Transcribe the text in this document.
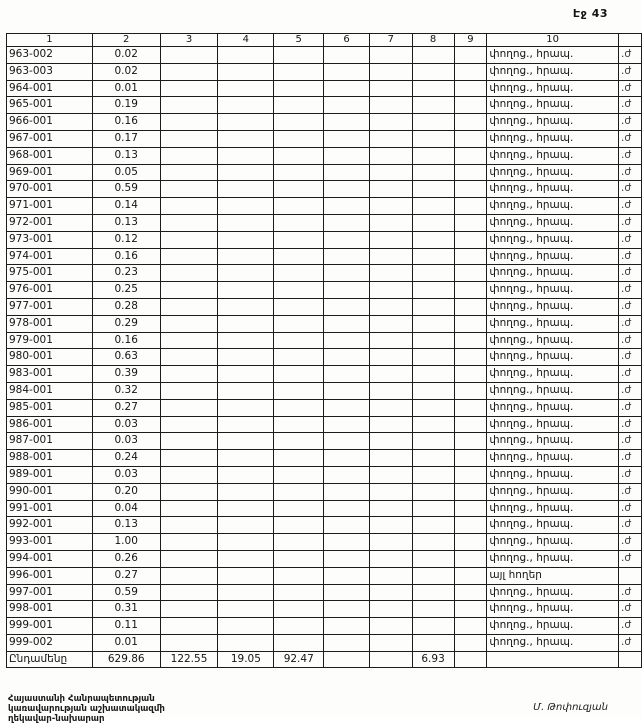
Էջ 43
1	2	3	4	5	6	7	8	9	10	
963-002	0.02								փողոց., հրապ.	.ժ
963-003	0.02								փողոց., հրապ.	.ժ
964-001	0.01								փողոց., հրապ.	.ժ
965-001	0.19								փողոց., հրապ.	.ժ
966-001	0.16								փողոց., հրապ.	.ժ
967-001	0.17								փողոց., հրապ.	.ժ
968-001	0.13								փողոց., հրապ.	.ժ
969-001	0.05								փողոց., հրապ.	.ժ
970-001	0.59								փողոց., հրապ.	.ժ
971-001	0.14								փողոց., հրապ.	.ժ
972-001	0.13								փողոց., հրապ.	.ժ
973-001	0.12								փողոց., հրապ.	.ժ
974-001	0.16								փողոց., հրապ.	.ժ
975-001	0.23								փողոց., հրապ.	.ժ
976-001	0.25								փողոց., հրապ.	.ժ
977-001	0.28								փողոց., հրապ.	.ժ
978-001	0.29								փողոց., հրապ.	.ժ
979-001	0.16								փողոց., հրապ.	.ժ
980-001	0.63								փողոց., հրապ.	.ժ
983-001	0.39								փողոց., հրապ.	.ժ
984-001	0.32								փողոց., հրապ.	.ժ
985-001	0.27								փողոց., հրապ.	.ժ
986-001	0.03								փողոց., հրապ.	.ժ
987-001	0.03								փողոց., հրապ.	.ժ
988-001	0.24								փողոց., հրապ.	.ժ
989-001	0.03								փողոց., հրապ.	.ժ
990-001	0.20								փողոց., հրապ.	.ժ
991-001	0.04								փողոց., հրապ.	.ժ
992-001	0.13								փողոց., հրապ.	.ժ
993-001	1.00								փողոց., հրապ.	.ժ
994-001	0.26								փողոց., հրապ.	.ժ
996-001	0.27								այլ հողեր	
997-001	0.59								փողոց., հրապ.	.ժ
998-001	0.31								փողոց., հրապ.	.ժ
999-001	0.11								փողոց., հրապ.	.ժ
999-002	0.01								փողոց., հրապ.	.ժ
Ընդամենը	629.86	122.55	19.05	92.47			6.93			
Հայաստանի Հանրապետության
կառավարության աշխատակազմի
ղեկավար-նախարար
Մ. Թոփուզյան
